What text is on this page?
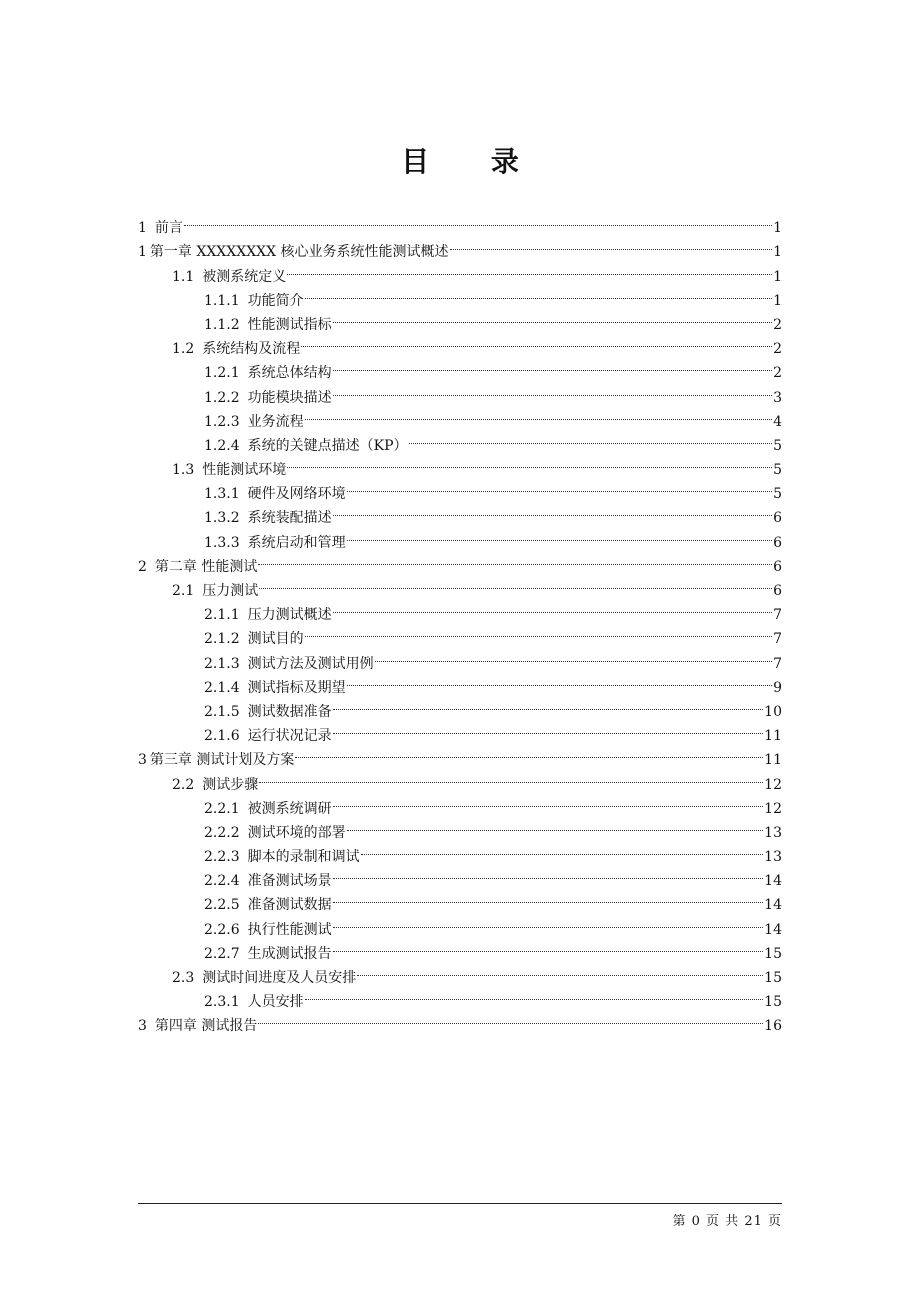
目 录
1 前言	1
1 第一章 XXXXXXXX 核心业务系统性能测试概述	1
1.1 被测系统定义	1
1.1.1 功能简介	1
1.1.2 性能测试指标	2
1.2 系统结构及流程	2
1.2.1 系统总体结构	2
1.2.2 功能模块描述	3
1.2.3 业务流程	4
1.2.4 系统的关键点描述（KP）	5
1.3 性能测试环境	5
1.3.1 硬件及网络环境	5
1.3.2 系统装配描述	6
1.3.3 系统启动和管理	6
2 第二章 性能测试	6
2.1 压力测试	6
2.1.1 压力测试概述	7
2.1.2 测试目的	7
2.1.3 测试方法及测试用例	7
2.1.4 测试指标及期望	9
2.1.5 测试数据准备	10
2.1.6 运行状况记录	11
3 第三章 测试计划及方案	11
2.2 测试步骤	12
2.2.1 被测系统调研	12
2.2.2 测试环境的部署	13
2.2.3 脚本的录制和调试	13
2.2.4 准备测试场景	14
2.2.5 准备测试数据	14
2.2.6 执行性能测试	14
2.2.7 生成测试报告	15
2.3 测试时间进度及人员安排	15
2.3.1 人员安排	15
3 第四章 测试报告	16
第 0 页 共 21 页
